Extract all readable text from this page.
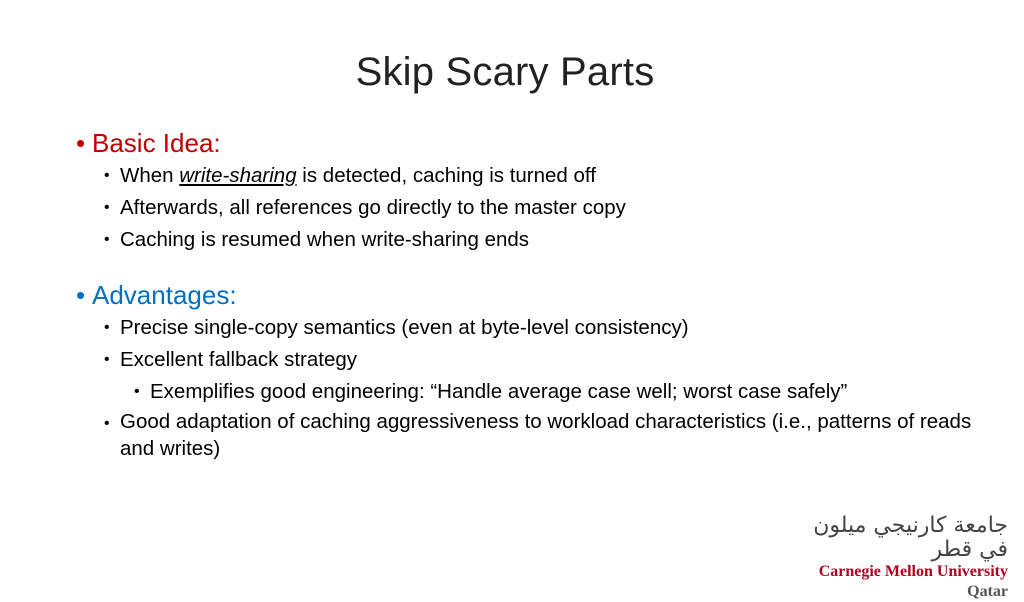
Skip Scary Parts
• Basic Idea:
• When write-sharing is detected, caching is turned off
• Afterwards, all references go directly to the master copy
• Caching is resumed when write-sharing ends
• Advantages:
• Precise single-copy semantics (even at byte-level consistency)
• Excellent fallback strategy
• Exemplifies good engineering: “Handle average case well; worst case safely”
• Good adaptation of caching aggressiveness to workload characteristics (i.e., patterns of reads and writes)
جامعة كارنيجي ميلون في قطر
Carnegie Mellon University Qatar
